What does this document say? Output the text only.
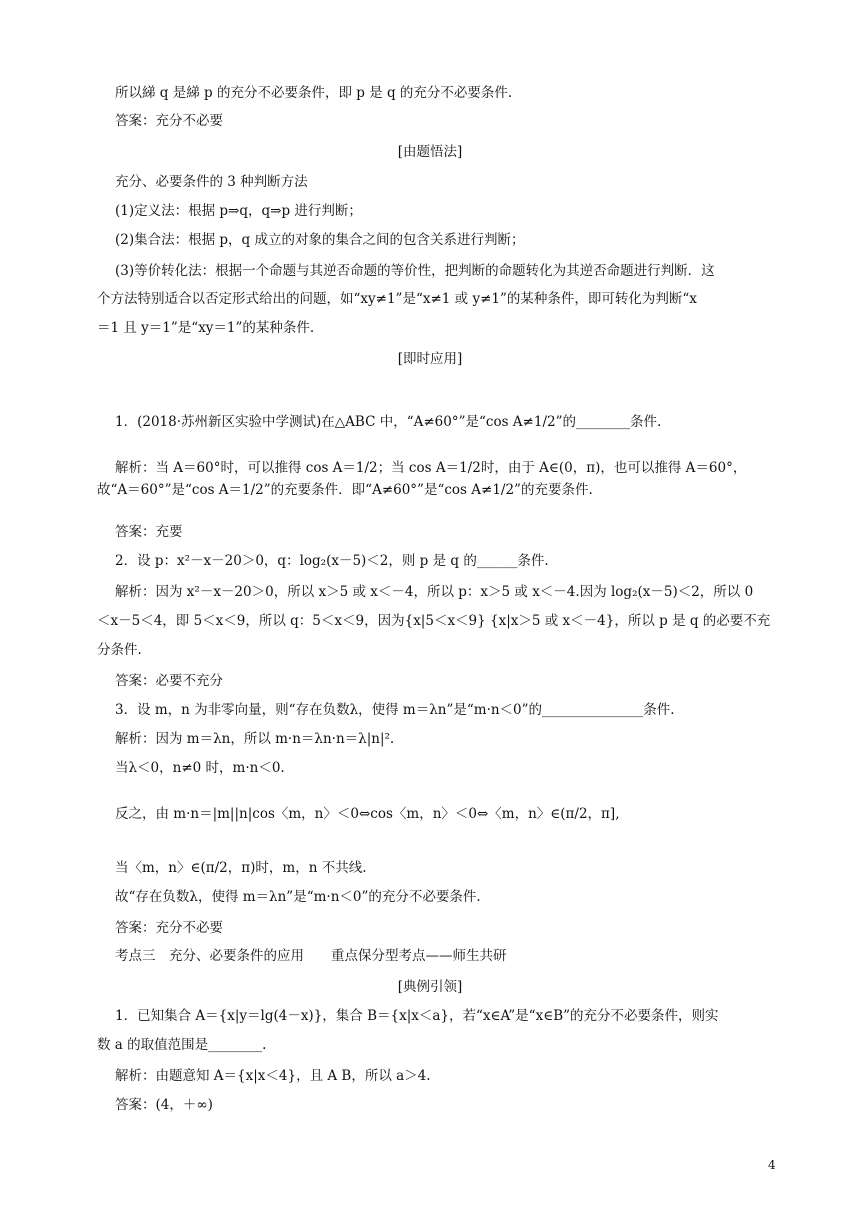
所以綈 q 是綈 p 的充分不必要条件，即 p 是 q 的充分不必要条件.
答案：充分不必要
[由题悟法]
充分、必要条件的 3 种判断方法
(1)定义法：根据 p⇒q，q⇒p 进行判断；
(2)集合法：根据 p，q 成立的对象的集合之间的包含关系进行判断；
(3)等价转化法：根据一个命题与其逆否命题的等价性，把判断的命题转化为其逆否命题进行判断．这
个方法特别适合以否定形式给出的问题，如“xy≠1”是“x≠1 或 y≠1”的某种条件，即可转化为判断“x
＝1 且 y＝1”是“xy＝1”的某种条件.
[即时应用]
1．(2018·苏州新区实验中学测试)在△ABC 中，“A≠60°”是“cos A≠1/2”的________条件.
解析：当 A＝60°时，可以推得 cos A＝1/2；当 cos A＝1/2时，由于 A∈(0，π)，也可以推得 A＝60°，
故“A＝60°”是“cos A＝1/2”的充要条件．即“A≠60°”是“cos A≠1/2”的充要条件.
答案：充要
2．设 p：x²－x－20＞0，q：log₂(x－5)＜2，则 p 是 q 的______条件.
解析：因为 x²－x－20＞0，所以 x＞5 或 x＜－4，所以 p：x＞5 或 x＜－4.因为 log₂(x－5)＜2，所以 0
＜x－5＜4，即 5＜x＜9，所以 q：5＜x＜9，因为{x|5＜x＜9} {x|x＞5 或 x＜－4}，所以 p 是 q 的必要不充
分条件.
答案：必要不充分
3．设 m，n 为非零向量，则“存在负数λ，使得 m＝λn”是“m·n＜0”的_______________条件.
解析：因为 m＝λn，所以 m·n＝λn·n＝λ|n|².
当λ＜0，n≠0 时，m·n＜0.
反之，由 m·n＝|m||n|cos〈m，n〉＜0⇔cos〈m，n〉＜0⇔〈m，n〉∈(π/2，π],
当〈m，n〉∈(π/2，π)时，m，n 不共线.
故“存在负数λ，使得 m＝λn”是“m·n＜0”的充分不必要条件.
答案：充分不必要
考点三　充分、必要条件的应用　　重点保分型考点——师生共研
[典例引领]
1．已知集合 A＝{x|y＝lg(4－x)}，集合 B＝{x|x＜a}，若“x∈A”是“x∈B”的充分不必要条件，则实
数 a 的取值范围是________.
解析：由题意知 A＝{x|x＜4}，且 A B，所以 a＞4.
答案：(4，＋∞)
4
